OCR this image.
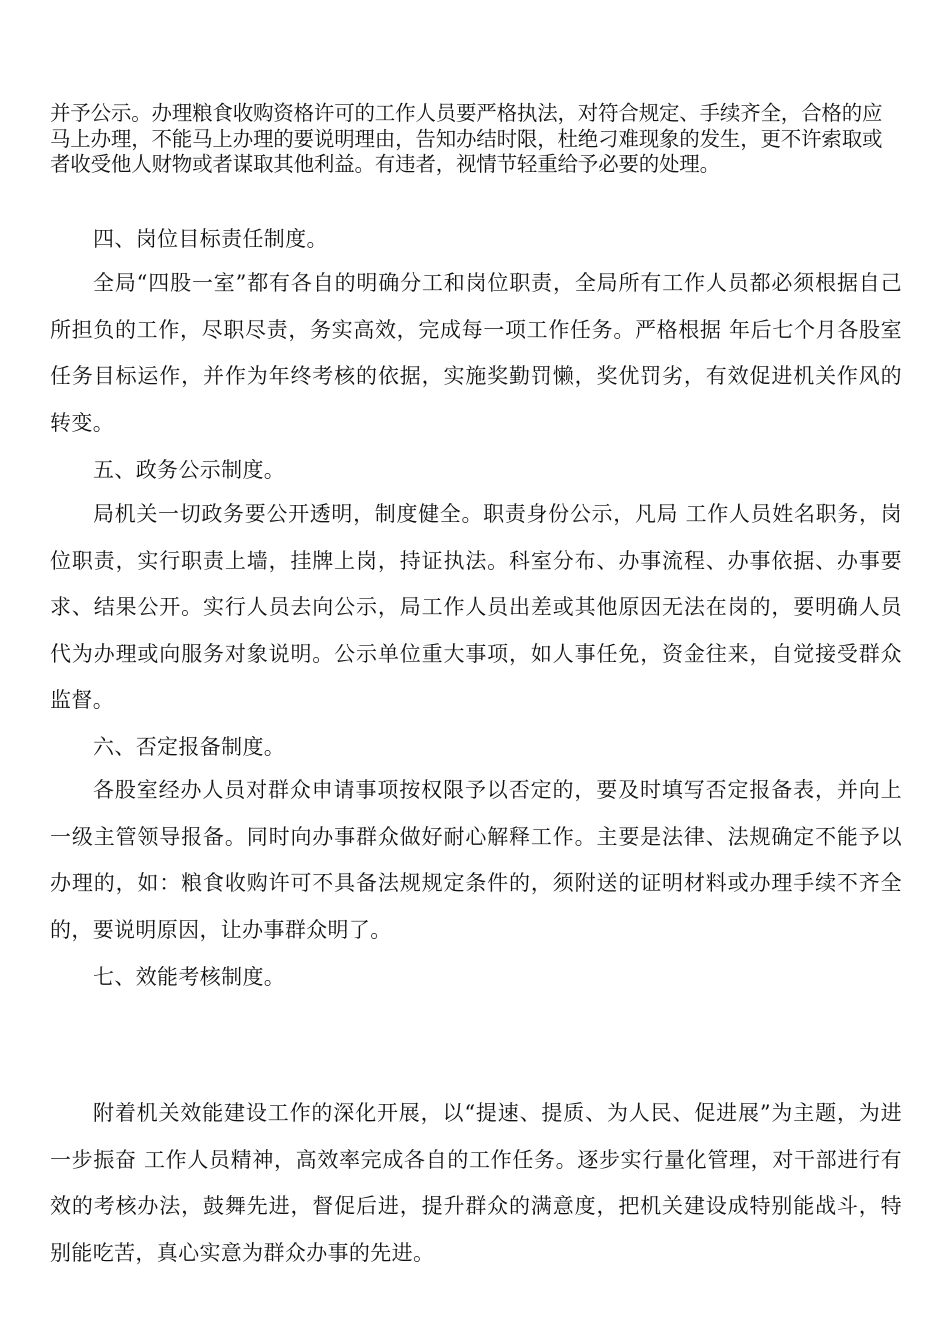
并予公示。办理粮食收购资格许可的工作人员要严格执法，对符合规定、手续齐全，合格的应马上办理，不能马上办理的要说明理由，告知办结时限，杜绝刁难现象的发生，更不许索取或者收受他人财物或者谋取其他利益。有违者，视情节轻重给予必要的处理。

四、岗位目标责任制度。

全局“四股一室”都有各自的明确分工和岗位职责，全局所有工作人员都必须根据自己所担负的工作，尽职尽责，务实高效，完成每一项工作任务。严格根据 年后七个月各股室任务目标运作，并作为年终考核的依据，实施奖勤罚懒，奖优罚劣，有效促进机关作风的转变。

五、政务公示制度。

局机关一切政务要公开透明，制度健全。职责身份公示，凡局 工作人员姓名职务，岗位职责，实行职责上墙，挂牌上岗，持证执法。科室分布、办事流程、办事依据、办事要求、结果公开。实行人员去向公示，局工作人员出差或其他原因无法在岗的，要明确人员代为办理或向服务对象说明。公示单位重大事项，如人事任免，资金往来，自觉接受群众监督。

六、否定报备制度。

各股室经办人员对群众申请事项按权限予以否定的，要及时填写否定报备表，并向上一级主管领导报备。同时向办事群众做好耐心解释工作。主要是法律、法规确定不能予以办理的，如：粮食收购许可不具备法规规定条件的，须附送的证明材料或办理手续不齐全的，要说明原因，让办事群众明了。

七、效能考核制度。

附着机关效能建设工作的深化开展，以“提速、提质、为人民、促进展”为主题，为进一步振奋 工作人员精神，高效率完成各自的工作任务。逐步实行量化管理，对干部进行有效的考核办法，鼓舞先进，督促后进，提升群众的满意度，把机关建设成特别能战斗，特别能吃苦，真心实意为群众办事的先进。
